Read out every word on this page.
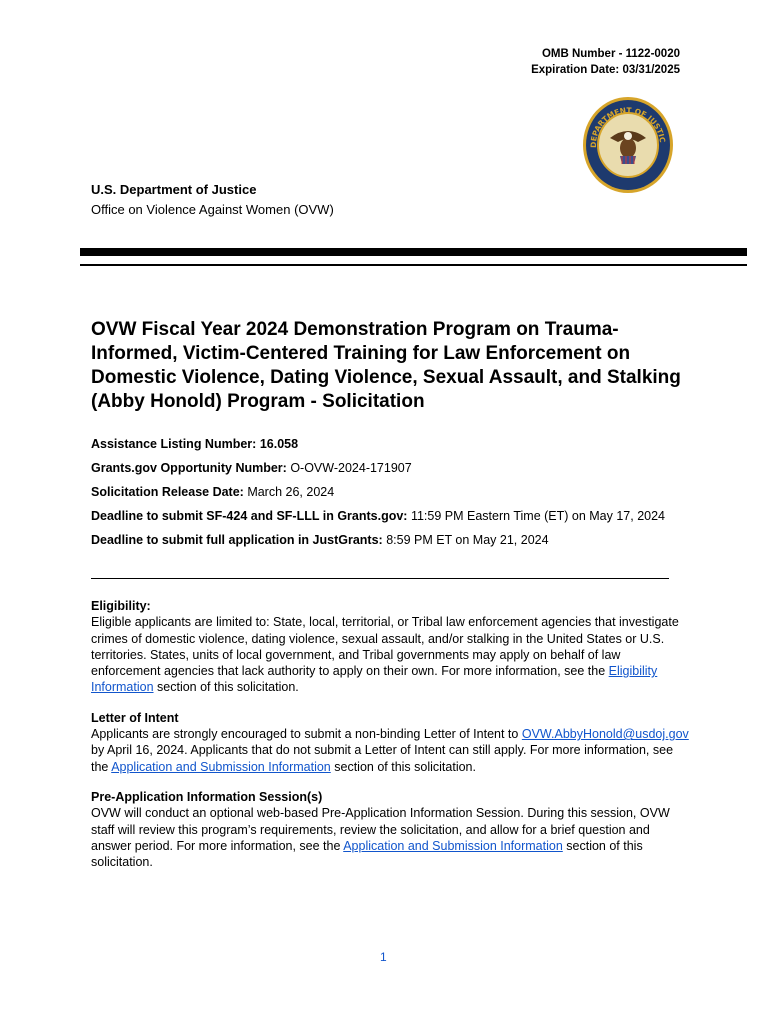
OMB Number - 1122-0020
Expiration Date: 03/31/2025
DEPARTMENT OF JUSTIC
U.S. Department of Justice
Office on Violence Against Women (OVW)
OVW Fiscal Year 2024 Demonstration Program on Trauma-Informed, Victim-Centered Training for Law Enforcement on Domestic Violence, Dating Violence, Sexual Assault, and Stalking (Abby Honold) Program - Solicitation

Assistance Listing Number: 16.058

Grants.gov Opportunity Number: O-OVW-2024-171907

Solicitation Release Date: March 26, 2024

Deadline to submit SF-424 and SF-LLL in Grants.gov: 11:59 PM Eastern Time (ET) on May 17, 2024

Deadline to submit full application in JustGrants: 8:59 PM ET on May 21, 2024

Eligibility:

Eligible applicants are limited to: State, local, territorial, or Tribal law enforcement agencies that investigate crimes of domestic violence, dating violence, sexual assault, and/or stalking in the United States or U.S. territories. States, units of local government, and Tribal governments may apply on behalf of law enforcement agencies that lack authority to apply on their own. For more information, see the Eligibility Information section of this solicitation.

Letter of Intent

Applicants are strongly encouraged to submit a non-binding Letter of Intent to OVW.AbbyHonold@usdoj.gov by April 16, 2024. Applicants that do not submit a Letter of Intent can still apply. For more information, see the Application and Submission Information section of this solicitation.

Pre-Application Information Session(s)

OVW will conduct an optional web-based Pre-Application Information Session. During this session, OVW staff will review this program’s requirements, review the solicitation, and allow for a brief question and answer period. For more information, see the Application and Submission Information section of this solicitation.

1
